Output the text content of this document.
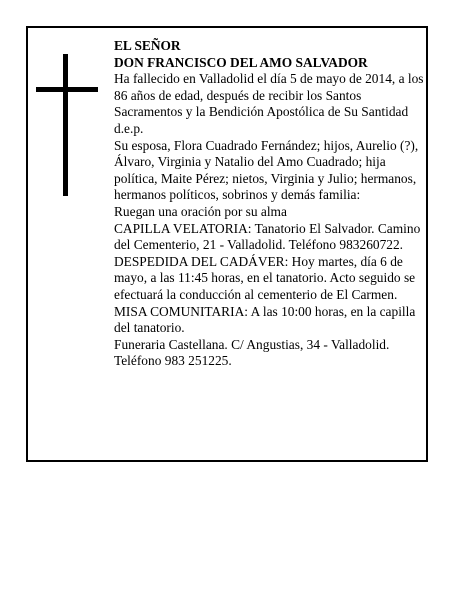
EL SEÑOR

DON FRANCISCO DEL AMO SALVADOR

Ha fallecido en Valladolid el día 5 de mayo de 2014, a los 86 años de edad, después de recibir los Santos Sacramentos y la Bendición Apostólica de Su Santidad

d.e.p.

Su esposa, Flora Cuadrado Fernández; hijos, Aurelio (?), Álvaro, Virginia y Natalio del Amo Cuadrado; hija política, Maite Pérez; nietos, Virginia y Julio; hermanos, hermanos políticos, sobrinos y demás familia:

Ruegan una oración por su alma

CAPILLA VELATORIA: Tanatorio El Salvador. Camino del Cementerio, 21 - Valladolid. Teléfono 983260722.

DESPEDIDA DEL CADÁVER: Hoy martes, día 6 de mayo, a las 11:45 horas, en el tanatorio. Acto seguido se efectuará la conducción al cementerio de El Carmen.

MISA COMUNITARIA: A las 10:00 horas, en la capilla del tanatorio.

Funeraria Castellana. C/ Angustias, 34 - Valladolid. Teléfono 983 251225.
